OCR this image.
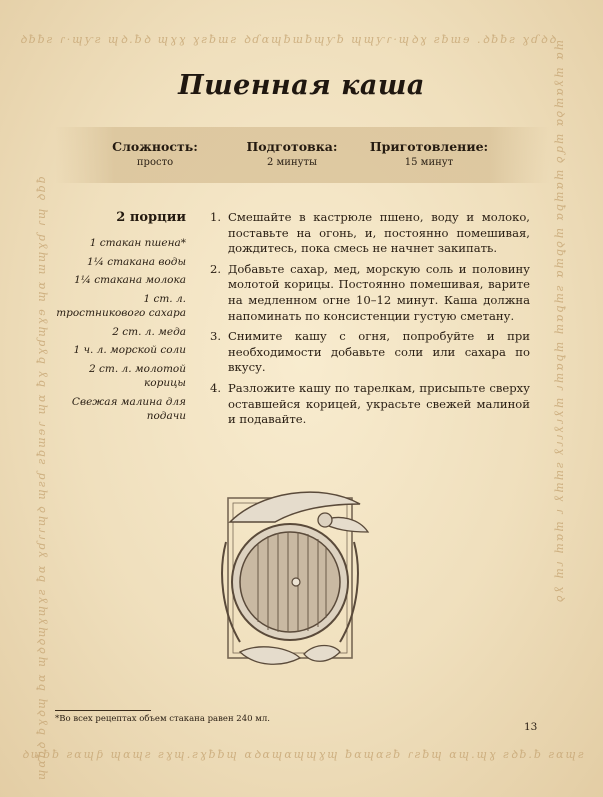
ꝺƀƀƨ ɾ·ɰƴƨ ɰꝺ.ƀꝺ ɰɣɣ ɣƨƀɯƨ ꝺɗɑɰƀɯƀɰƴƀ ɰɰƴɾ·ɰꝺɣ ƨƀɯɘ .ꝺƀƀƨ ɣɗꝺꝺ
ꝺɰƀƀ ƨɑɰƥ ɰɑɰƨ ƨɣɰ.ƨɣƀƀɰ ɑꝺɑɰɑɰɰɣɰ ƀɑɰɑƨƀ ɾƨƀɰ ɑɰ.ɰɣ ƨꝺƀ.ƀ ƨɑɰƨ
ɰɑƀꝺ ƀɣꝺɰ ƀɑ ɰꝺꝺɰɣɰɣƨ ƀɑ ɣɗɾɾɰꝺ ɰƨɗ ƨƀɯɘɾ ɰɑ ƀɣ ƀɣɗɰɣɘ ɰɑ ɯɰɣɗ ɾɰ ꝺƀƀ	ɰɑ ɰɣɑɰꝺɑ ɰɗꝺ ɰɑɰƀɑ ɰꝺƀɰɑ ƨɰƀɑɰ ɰƀɑɰɾ ɰɣɾɣɾɾɣ ƨɰɰɣ ɾ ɰɑɰ ɾɰ ɣꝺ
Пшенная каша
Сложность:
просто
Подготовка:
2 минуты
Приготовление:
15 минут
2 порции
1 стакан пшена*
1¼ стакана воды
1¼ стакана молока
1 ст. л. тростникового сахара
2 ст. л. меда
1 ч. л. морской соли
2 ст. л. молотой корицы
Свежая малина для подачи
1. Смешайте в кастрюле пшено, воду и молоко, поставьте на огонь, и, постоянно помешивая, дождитесь, пока смесь не начнет закипать.
2. Добавьте сахар, мед, морскую соль и половину молотой корицы. Постоянно помешивая, варите на медленном огне 10–12 минут. Каша должна напоминать по консистенции густую сметану.
3. Снимите кашу с огня, попробуйте и при необходимости добавьте соли или сахара по вкусу.
4. Разложите кашу по тарелкам, присыпьте сверху оставшейся корицей, украсьте свежей малиной и подавайте.
*Во всех рецептах объем стакана равен 240 мл.
13
